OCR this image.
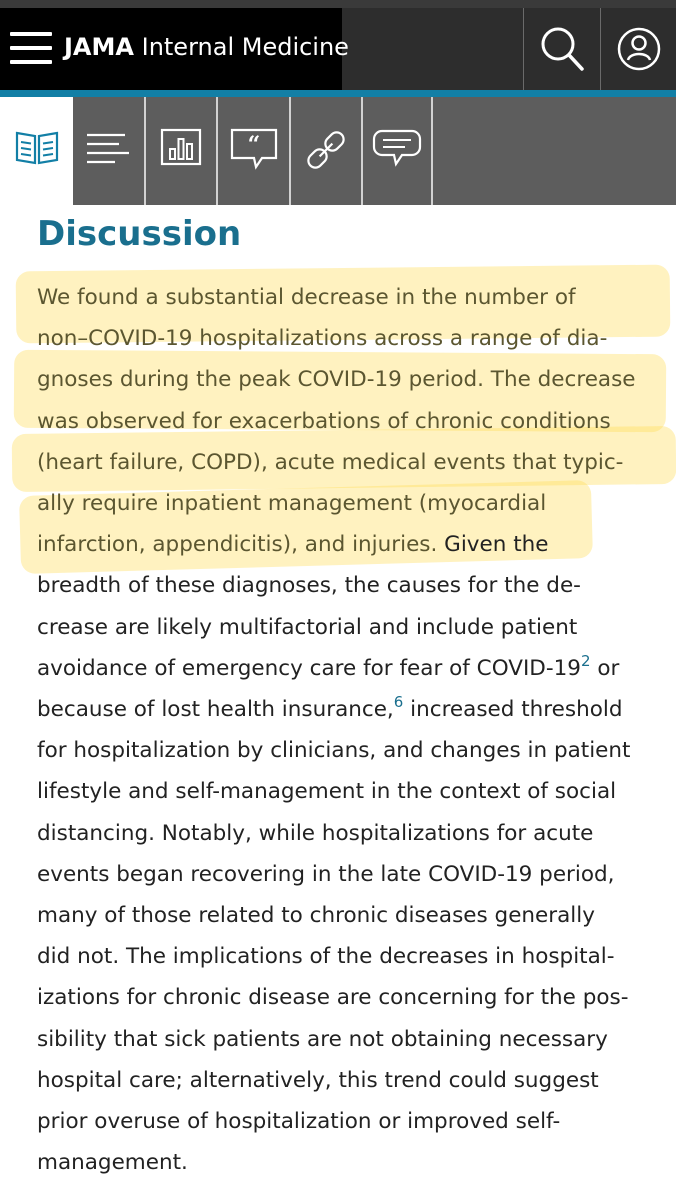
JAMA Internal Medicine
“
Discussion
We found a substantial decrease in the number of
non–COVID-19 hospitalizations across a range of dia-
gnoses during the peak COVID-19 period. The decrease
was observed for exacerbations of chronic conditions
(heart failure, COPD), acute medical events that typic-
ally require inpatient management (myocardial
infarction, appendicitis), and injuries. Given the
breadth of these diagnoses, the causes for the de-
crease are likely multifactorial and include patient
avoidance of emergency care for fear of COVID-$19^2$ or
because of lost health insurance,$^6$ increased threshold
for hospitalization by clinicians, and changes in patient
lifestyle and self-management in the context of social
distancing. Notably, while hospitalizations for acute
events began recovering in the late COVID-19 period,
many of those related to chronic diseases generally
did not. The implications of the decreases in hospital-
izations for chronic disease are concerning for the pos-
sibility that sick patients are not obtaining necessary
hospital care; alternatively, this trend could suggest
prior overuse of hospitalization or improved self-
management.
